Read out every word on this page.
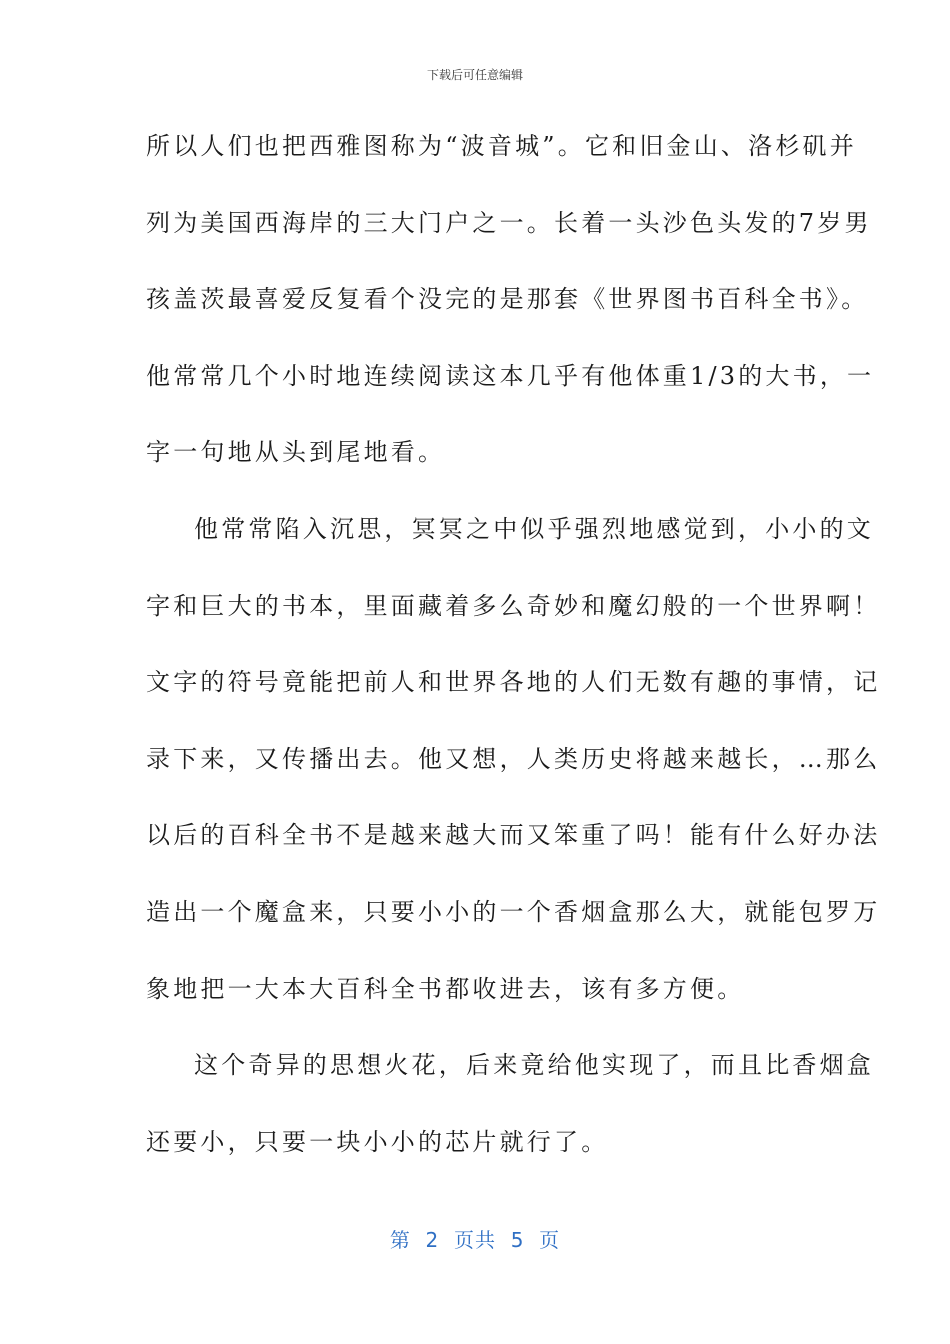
下载后可任意编辑
所以人们也把西雅图称为“波音城”。它和旧金山、洛杉矶并
列为美国西海岸的三大门户之一。长着一头沙色头发的7岁男
孩盖茨最喜爱反复看个没完的是那套《世界图书百科全书》。
他常常几个小时地连续阅读这本几乎有他体重1/3的大书，一
字一句地从头到尾地看。
他常常陷入沉思，冥冥之中似乎强烈地感觉到，小小的文
字和巨大的书本，里面藏着多么奇妙和魔幻般的一个世界啊！
文字的符号竟能把前人和世界各地的人们无数有趣的事情，记
录下来，又传播出去。他又想，人类历史将越来越长，…那么
以后的百科全书不是越来越大而又笨重了吗！能有什么好办法
造出一个魔盒来，只要小小的一个香烟盒那么大，就能包罗万
象地把一大本大百科全书都收进去，该有多方便。
这个奇异的思想火花，后来竟给他实现了，而且比香烟盒
还要小，只要一块小小的芯片就行了。
第  2  页共  5  页
